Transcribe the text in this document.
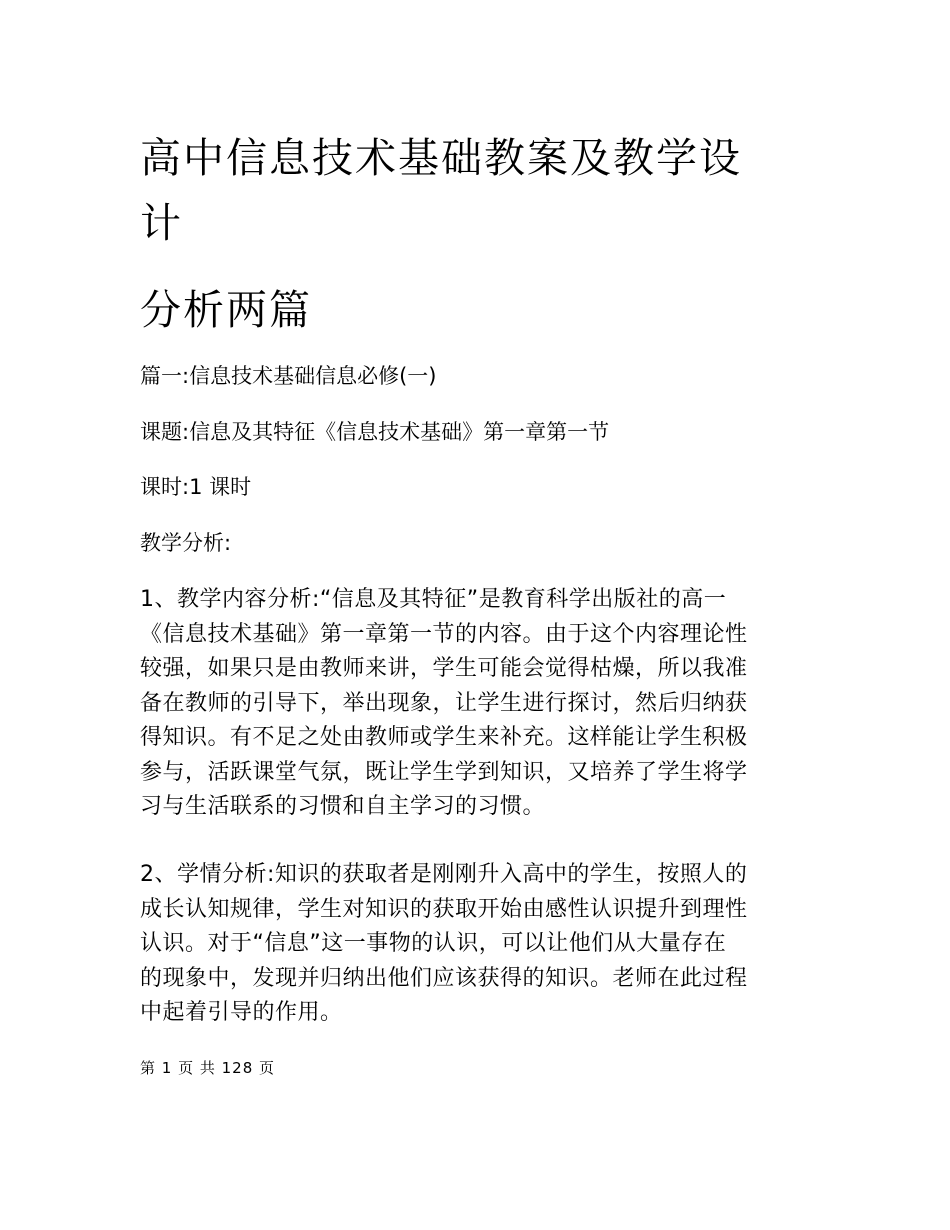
高中信息技术基础教案及教学设
计
分析两篇

篇一:信息技术基础信息必修(一)

课题:信息及其特征《信息技术基础》第一章第一节

课时:1 课时

教学分析:

1、教学内容分析:“信息及其特征”是教育科学出版社的高一
《信息技术基础》第一章第一节的内容。由于这个内容理论性
较强，如果只是由教师来讲，学生可能会觉得枯燥，所以我准
备在教师的引导下，举出现象，让学生进行探讨，然后归纳获
得知识。有不足之处由教师或学生来补充。这样能让学生积极
参与，活跃课堂气氛，既让学生学到知识，又培养了学生将学
习与生活联系的习惯和自主学习的习惯。
2、学情分析:知识的获取者是刚刚升入高中的学生，按照人的
成长认知规律，学生对知识的获取开始由感性认识提升到理性
认识。对于“信息”这一事物的认识，可以让他们从大量存在
的现象中，发现并归纳出他们应该获得的知识。老师在此过程
中起着引导的作用。

第 1 页 共 128 页
